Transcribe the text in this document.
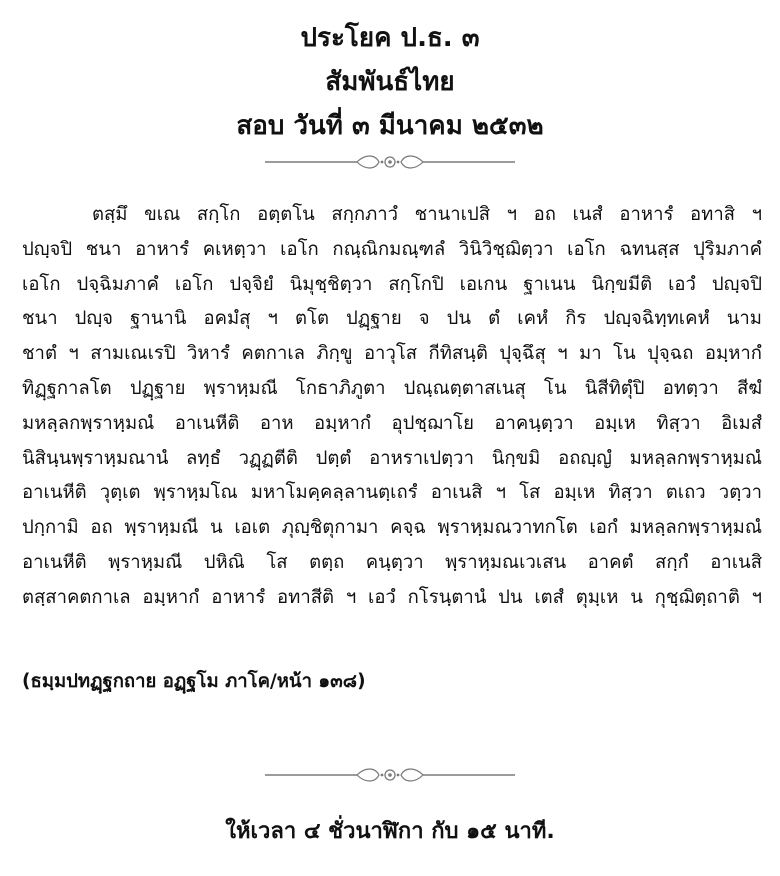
ประโยค ป.ธ. ๓
สัมพันธ์ไทย
สอบ วันที่ ๓ มีนาคม ๒๕๓๒
ตสฺมึ ขเณ สกฺโก อตฺตโน สกฺกภาวํ ชานาเปสิ ฯ อถ เนสํ อาหารํ อทาสิ ฯ
ปญฺจปิ ชนา อาหารํ คเหตฺวา เอโก กณฺณิกมณฺฑลํ วินิวิชฺฌิตฺวา เอโก ฉทนสฺส ปุริมภาคํ
เอโก ปจฺฉิมภาคํ เอโก ปจฺจิยํ นิมุชฺชิตฺวา สกฺโกปิ เอเกน ฐาเนน นิกฺขมีติ เอวํ ปญฺจปิ
ชนา ปญฺจ ฐานานิ อคมํสุ ฯ ตโต ปฏฺฐาย จ ปน ตํ เคหํ กิร ปญฺจฉิทฺทเคหํ นาม
ชาตํ ฯ สามเณเรปิ วิหารํ คตกาเล ภิกฺขู อาวุโส กีทิสนฺติ ปุจฺฉึสุ ฯ มา โน ปุจฺฉถ อมฺหากํ
ทิฏฺฐกาลโต ปฏฺฐาย พฺราหฺมณี โกธาภิภูตา ปณฺณตฺตาสเนสุ โน นิสีทิตุํปิ อทตฺวา สีฆํ
มหลฺลกพฺราหฺมณํ อาเนหีติ อาห อมฺหากํ อุปชฺฌาโย อาคนฺตฺวา อมฺเห ทิสฺวา อิเมสํ
นิสินฺนพฺราหฺมณานํ ลทฺธํ วฏฺฏตีติ ปตฺตํ อาหราเปตฺวา นิกฺขมิ อถญฺญํ มหลฺลกพฺราหฺมณํ
อาเนหีติ วุตฺเต พฺราหฺมโณ มหาโมคฺคลฺลานตฺเถรํ อาเนสิ ฯ โส อมฺเห ทิสฺวา ตเถว วตฺวา
ปกฺกามิ อถ พฺราหฺมณี น เอเต ภุญฺชิตุกามา คจฺฉ พฺราหฺมณวาทกโต เอกํ มหลฺลกพฺราหฺมณํ
อาเนหีติ พฺราหฺมณี ปหิณิ โส ตตฺถ คนฺตฺวา พฺราหฺมณเวเสน อาคตํ สกฺกํ อาเนสิ
ตสฺสาคตกาเล อมฺหากํ อาหารํ อทาสีติ ฯ เอวํ กโรนฺตานํ ปน เตสํ ตุมฺเห น กุชฺฌิตฺถาติ ฯ
(ธมฺมปทฏฺฐกถาย อฏฺฐโม ภาโค/หน้า ๑๓๘)
ให้เวลา ๔ ชั่วนาฬิกา กับ ๑๕ นาที.
